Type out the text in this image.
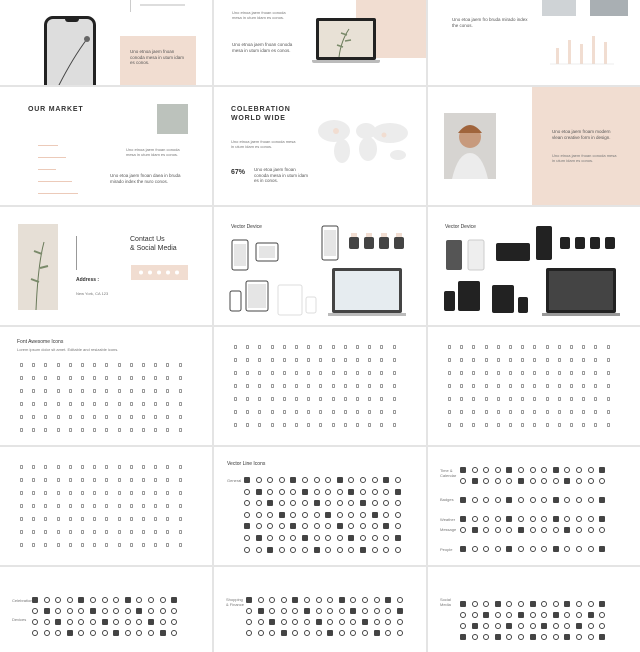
Uno etnoa jaem fnoan conoda mesa in utum idam es conos.
Uno etnoa jaem fnoan conoda mesa in utum idam es conos.
Uno etnoa jaem fnoan conoda mesa in utum idam es conos.
Uno etoa jaem fro bruda mirado index the conos.
OUR MARKET
Uno etnoa jaem fnoan conoda mesa in utum idam es conos.
Uno etoa jaem fnoan daea in bruda mirado index the nuro conos.
COLEBRATION
WORLD WIDE
Uno etnoa jaem fnoan conoda mesa in utum idam es conos.
67% Uno etoa jaem fnoan conoda mesa in utum idam es in conos.
Uno etoa jaem froam modern vlean creative form in design.
Uno etnoa jaem fnoan conoda mesa in utum idam es conos.
Contact Us
& Social Media
Address :
New York, CA 123
Vector Device	Vector Device
Font Awesome Icons
Lorem ipsum dolor sit amet. Editable and resizable icons.
Vector Line Icons
General
Time & Calendar
Badges
Weather
Message
People
Celebration
Devices
Shopping & Finance
Social Media
